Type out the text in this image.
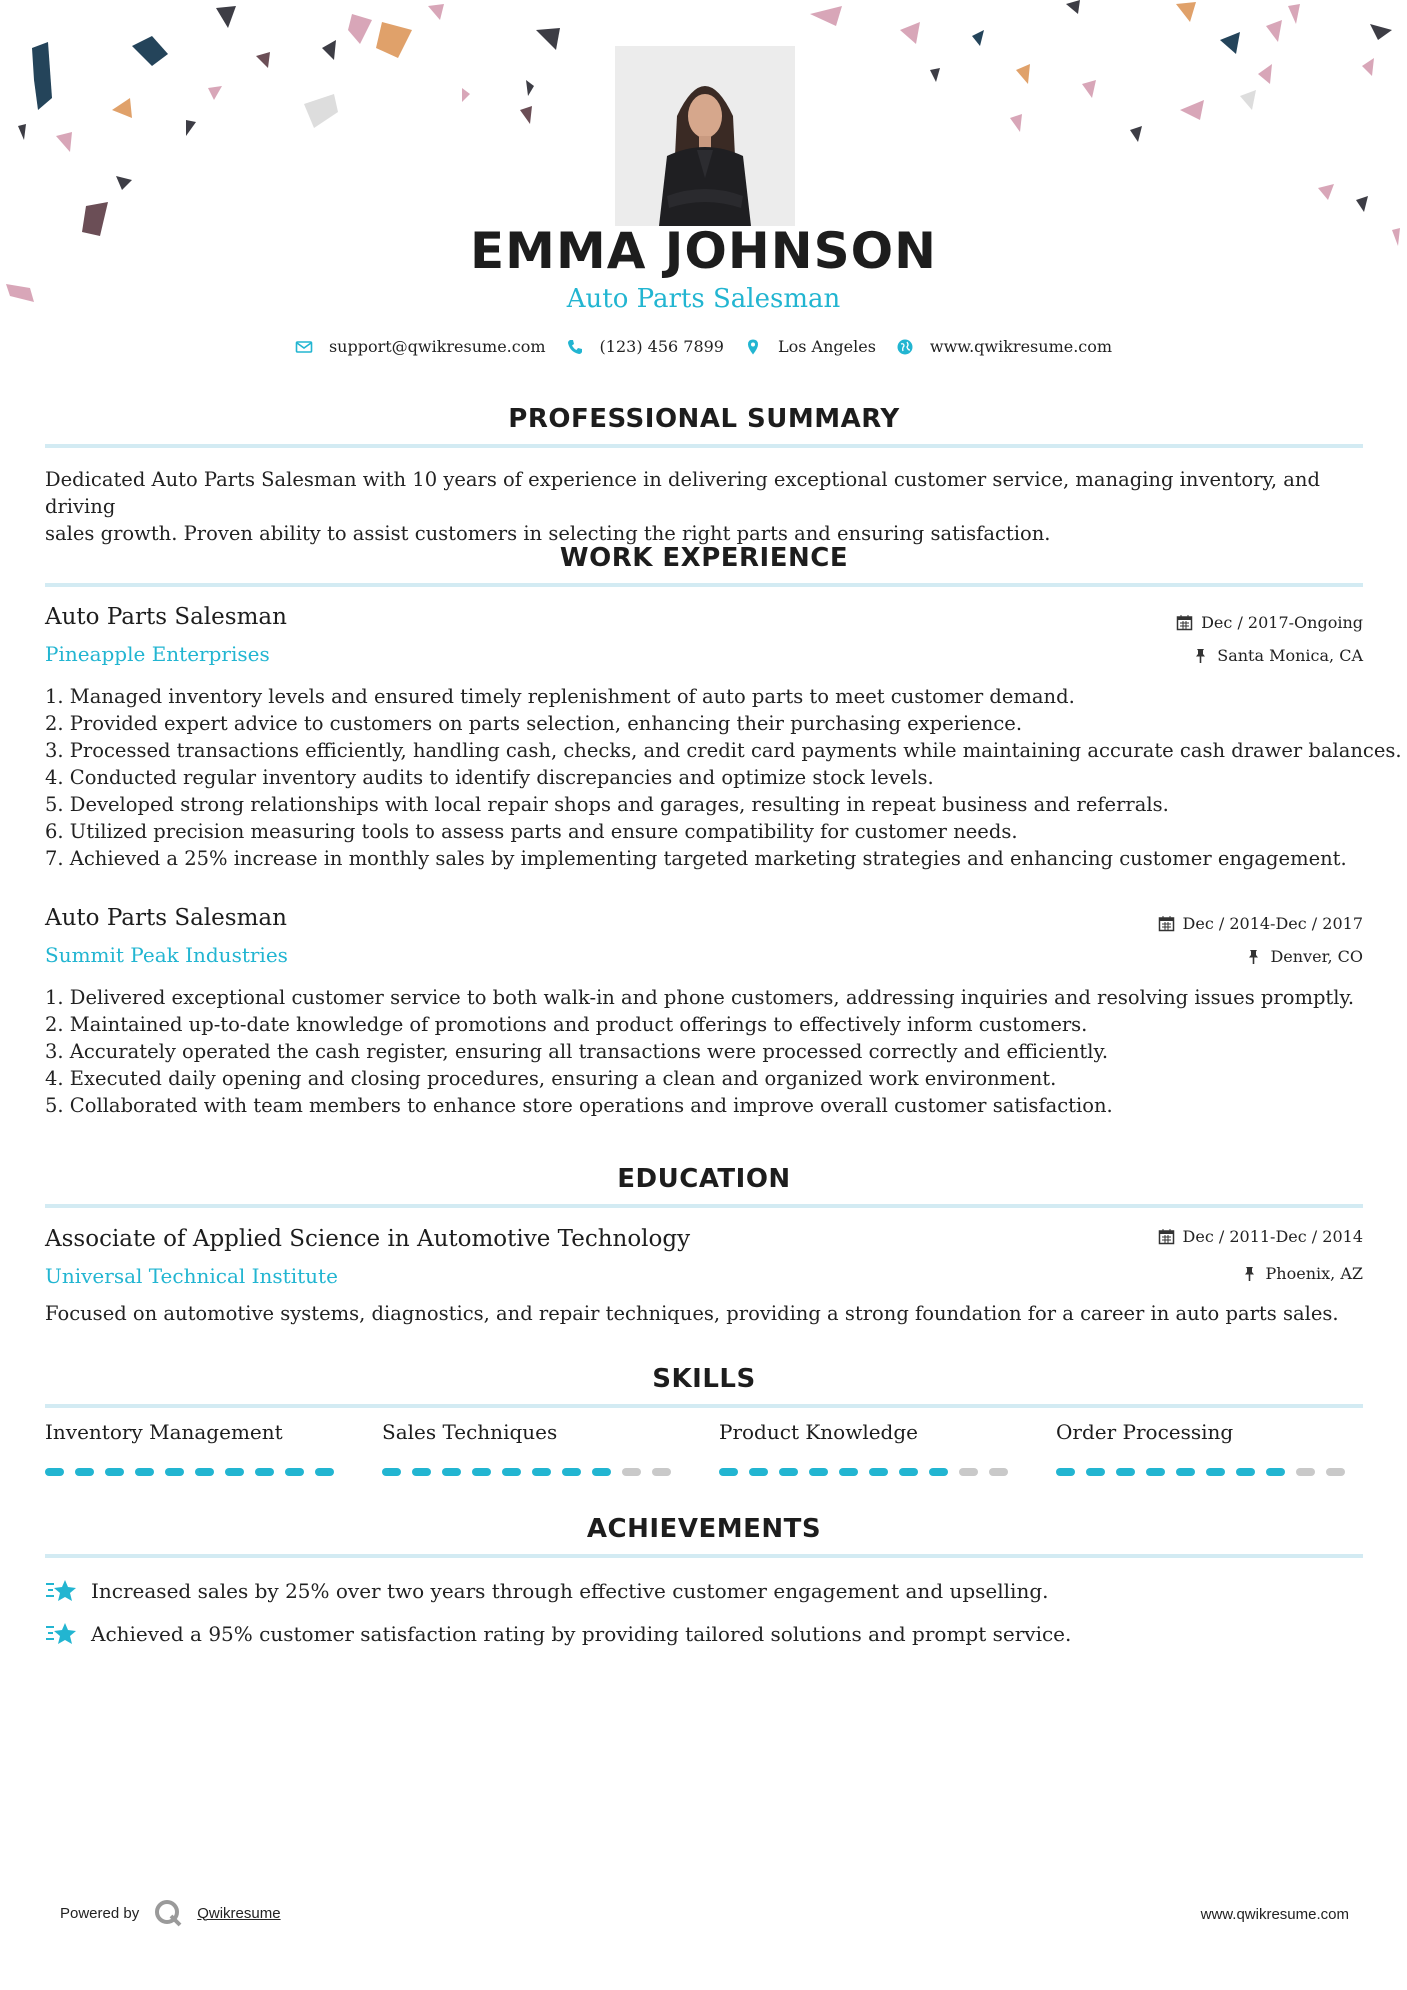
EMMA JOHNSON
Auto Parts Salesman
support@qwikresume.com	(123) 456 7899	Los Angeles	www.qwikresume.com
PROFESSIONAL SUMMARY
Dedicated Auto Parts Salesman with 10 years of experience in delivering exceptional customer service, managing inventory, and driving
sales growth. Proven ability to assist customers in selecting the right parts and ensuring satisfaction.
WORK EXPERIENCE
Auto Parts Salesman
Pineapple Enterprises
Dec / 2017-Ongoing
Santa Monica, CA
1. Managed inventory levels and ensured timely replenishment of auto parts to meet customer demand.
2. Provided expert advice to customers on parts selection, enhancing their purchasing experience.
3. Processed transactions efficiently, handling cash, checks, and credit card payments while maintaining accurate cash drawer balances.
4. Conducted regular inventory audits to identify discrepancies and optimize stock levels.
5. Developed strong relationships with local repair shops and garages, resulting in repeat business and referrals.
6. Utilized precision measuring tools to assess parts and ensure compatibility for customer needs.
7. Achieved a 25% increase in monthly sales by implementing targeted marketing strategies and enhancing customer engagement.
Auto Parts Salesman
Summit Peak Industries
Dec / 2014-Dec / 2017
Denver, CO
1. Delivered exceptional customer service to both walk-in and phone customers, addressing inquiries and resolving issues promptly.
2. Maintained up-to-date knowledge of promotions and product offerings to effectively inform customers.
3. Accurately operated the cash register, ensuring all transactions were processed correctly and efficiently.
4. Executed daily opening and closing procedures, ensuring a clean and organized work environment.
5. Collaborated with team members to enhance store operations and improve overall customer satisfaction.
EDUCATION
Associate of Applied Science in Automotive Technology
Universal Technical Institute
Dec / 2011-Dec / 2014
Phoenix, AZ
Focused on automotive systems, diagnostics, and repair techniques, providing a strong foundation for a career in auto parts sales.
SKILLS
Inventory Management	Sales Techniques	Product Knowledge	Order Processing
ACHIEVEMENTS
Increased sales by 25% over two years through effective customer engagement and upselling.
Achieved a 95% customer satisfaction rating by providing tailored solutions and prompt service.
Powered by	Qwikresume	www.qwikresume.com
